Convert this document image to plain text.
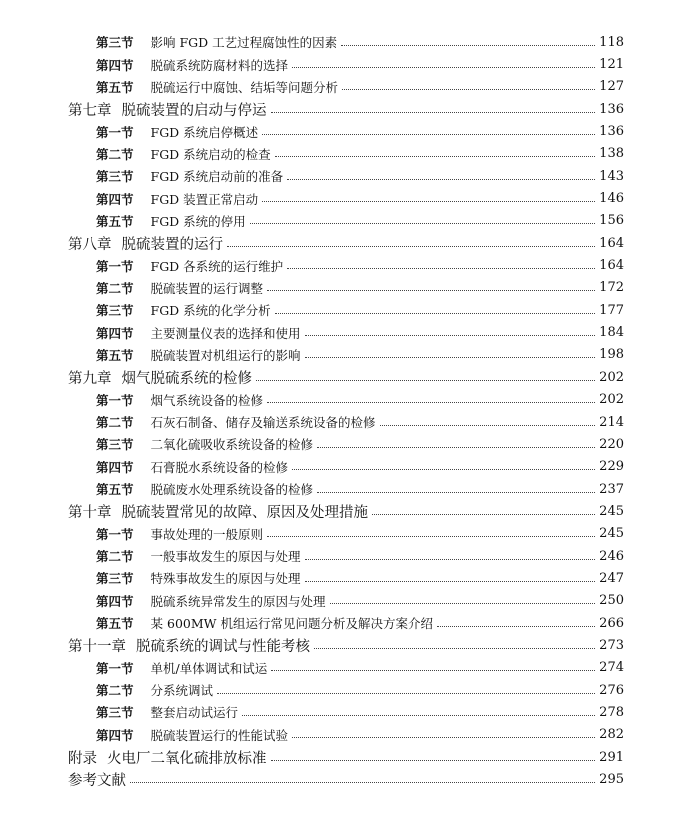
第三节 影响 FGD 工艺过程腐蚀性的因素	118
第四节 脱硫系统防腐材料的选择	121
第五节 脱硫运行中腐蚀、结垢等问题分析	127
第七章 脱硫装置的启动与停运	136
第一节 FGD 系统启停概述	136
第二节 FGD 系统启动的检查	138
第三节 FGD 系统启动前的准备	143
第四节 FGD 装置正常启动	146
第五节 FGD 系统的停用	156
第八章 脱硫装置的运行	164
第一节 FGD 各系统的运行维护	164
第二节 脱硫装置的运行调整	172
第三节 FGD 系统的化学分析	177
第四节 主要测量仪表的选择和使用	184
第五节 脱硫装置对机组运行的影响	198
第九章 烟气脱硫系统的检修	202
第一节 烟气系统设备的检修	202
第二节 石灰石制备、储存及输送系统设备的检修	214
第三节 二氧化硫吸收系统设备的检修	220
第四节 石膏脱水系统设备的检修	229
第五节 脱硫废水处理系统设备的检修	237
第十章 脱硫装置常见的故障、原因及处理措施	245
第一节 事故处理的一般原则	245
第二节 一般事故发生的原因与处理	246
第三节 特殊事故发生的原因与处理	247
第四节 脱硫系统异常发生的原因与处理	250
第五节 某 600MW 机组运行常见问题分析及解决方案介绍	266
第十一章 脱硫系统的调试与性能考核	273
第一节 单机/单体调试和试运	274
第二节 分系统调试	276
第三节 整套启动试运行	278
第四节 脱硫装置运行的性能试验	282
附录 火电厂二氧化硫排放标准	291
参考文献	295
